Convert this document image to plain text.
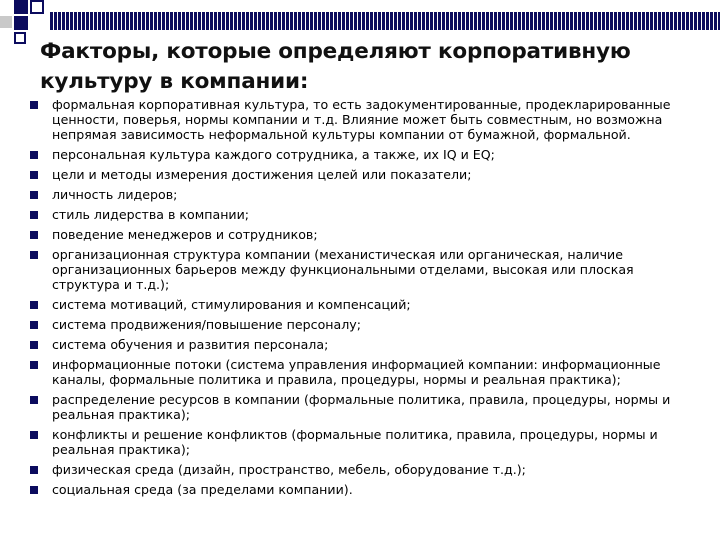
Факторы, которые определяют корпоративную культуру в компании:
формальная корпоративная культура, то есть задокументированные, продекларированные ценности, поверья, нормы компании и т.д. Влияние может быть совместным, но возможна непрямая зависимость неформальной культуры компании от бумажной, формальной.
персональная культура каждого сотрудника, а также, их IQ и EQ;
цели и методы измерения достижения целей или показатели;
личность лидеров;
стиль лидерства в компании;
поведение менеджеров и сотрудников;
организационная структура компании (механистическая или органическая, наличие организационных барьеров между функциональными отделами, высокая или плоская структура и т.д.);
система мотиваций, стимулирования и компенсаций;
система продвижения/повышение персоналу;
система обучения и развития персонала;
информационные потоки (система управления информацией компании: информационные каналы, формальные политика и правила, процедуры, нормы и реальная практика);
распределение ресурсов в компании (формальные политика, правила, процедуры, нормы и реальная практика);
конфликты и решение конфликтов (формальные политика, правила, процедуры, нормы и реальная практика);
физическая среда (дизайн, пространство, мебель, оборудование т.д.);
социальная среда (за пределами компании).
